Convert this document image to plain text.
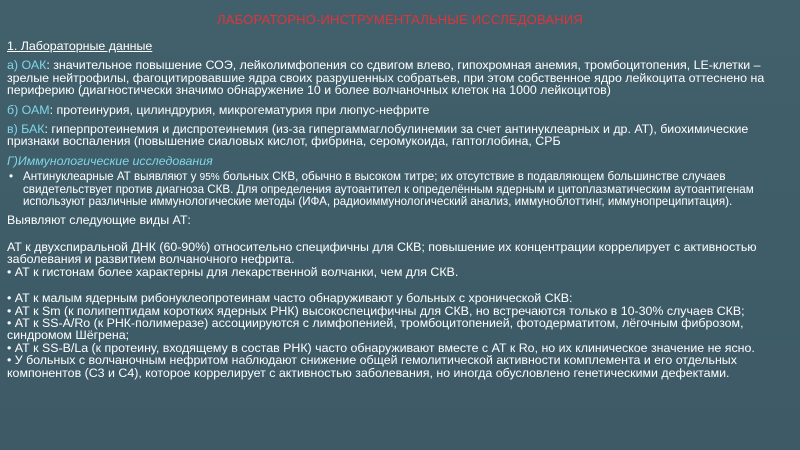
ЛАБОРАТОРНО-ИНСТРУМЕНТАЛЬНЫЕ ИССЛЕДОВАНИЯ

1. Лабораторные данные

а) ОАК: значительное повышение СОЭ, лейколимфопения со сдвигом влево, гипохромная анемия, тромбоцитопения, LE-клетки – зрелые нейтрофилы, фагоцитировавшие ядра своих разрушенных собратьев, при этом собственное ядро лейкоцита оттеснено на периферию (диагностически значимо обнаружение 10 и более волчаночных клеток на 1000 лейкоцитов)

б) ОАМ: протеинурия, цилиндрурия, микрогематурия при люпус-нефрите

в) БАК: гиперпротеинемия и диспротеинемия (из-за гипергаммаглобулинемии за счет антинуклеарных и др. АТ), биохимические признаки воспаления (повышение сиаловых кислот, фибрина, серомукоида, гаптоглобина, СРБ

Г)Иммунологические исследования

• Антинуклеарные АТ выявляют у 95% больных СКВ, обычно в высоком титре; их отсутствие в подавляющем большинстве случаев свидетельствует против диагноза СКВ. Для определения аутоантител к определённым ядерным и цитоплазматическим аутоантигенам используют различные иммунологические методы (ИФА, радиоиммунологический анализ, иммуноблоттинг, иммунопреципитация).

Выявляют следующие виды АТ:

АТ к двухспиральной ДНК (60-90%) относительно специфичны для СКВ; повышение их концентрации коррелирует с активностью заболевания и развитием волчаночного нефрита.
• АТ к гистонам более характерны для лекарственной волчанки, чем для СКВ.

• АТ к малым ядерным рибонуклеопротеинам часто обнаруживают у больных с хронической СКВ:
• АТ к Sm (к полипептидам коротких ядерных РНК) высокоспецифичны для СКВ, но встречаются только в 10-30% случаев СКВ;
• АТ к SS-A/Ro (к РНК-полимеразе) ассоциируются с лимфопенией, тромбоцитопенией, фотодерматитом, лёгочным фиброзом, синдромом Шёгрена;
• АТ к SS-B/La (к протеину, входящему в состав РНК) часто обнаруживают вместе с АТ к Ro, но их клиническое значение не ясно.
• У больных с волчаночным нефритом наблюдают снижение общей гемолитической активности комплемента и его отдельных компонентов (С3 и С4), которое коррелирует с активностью заболевания, но иногда обусловлено генетическими дефектами.
